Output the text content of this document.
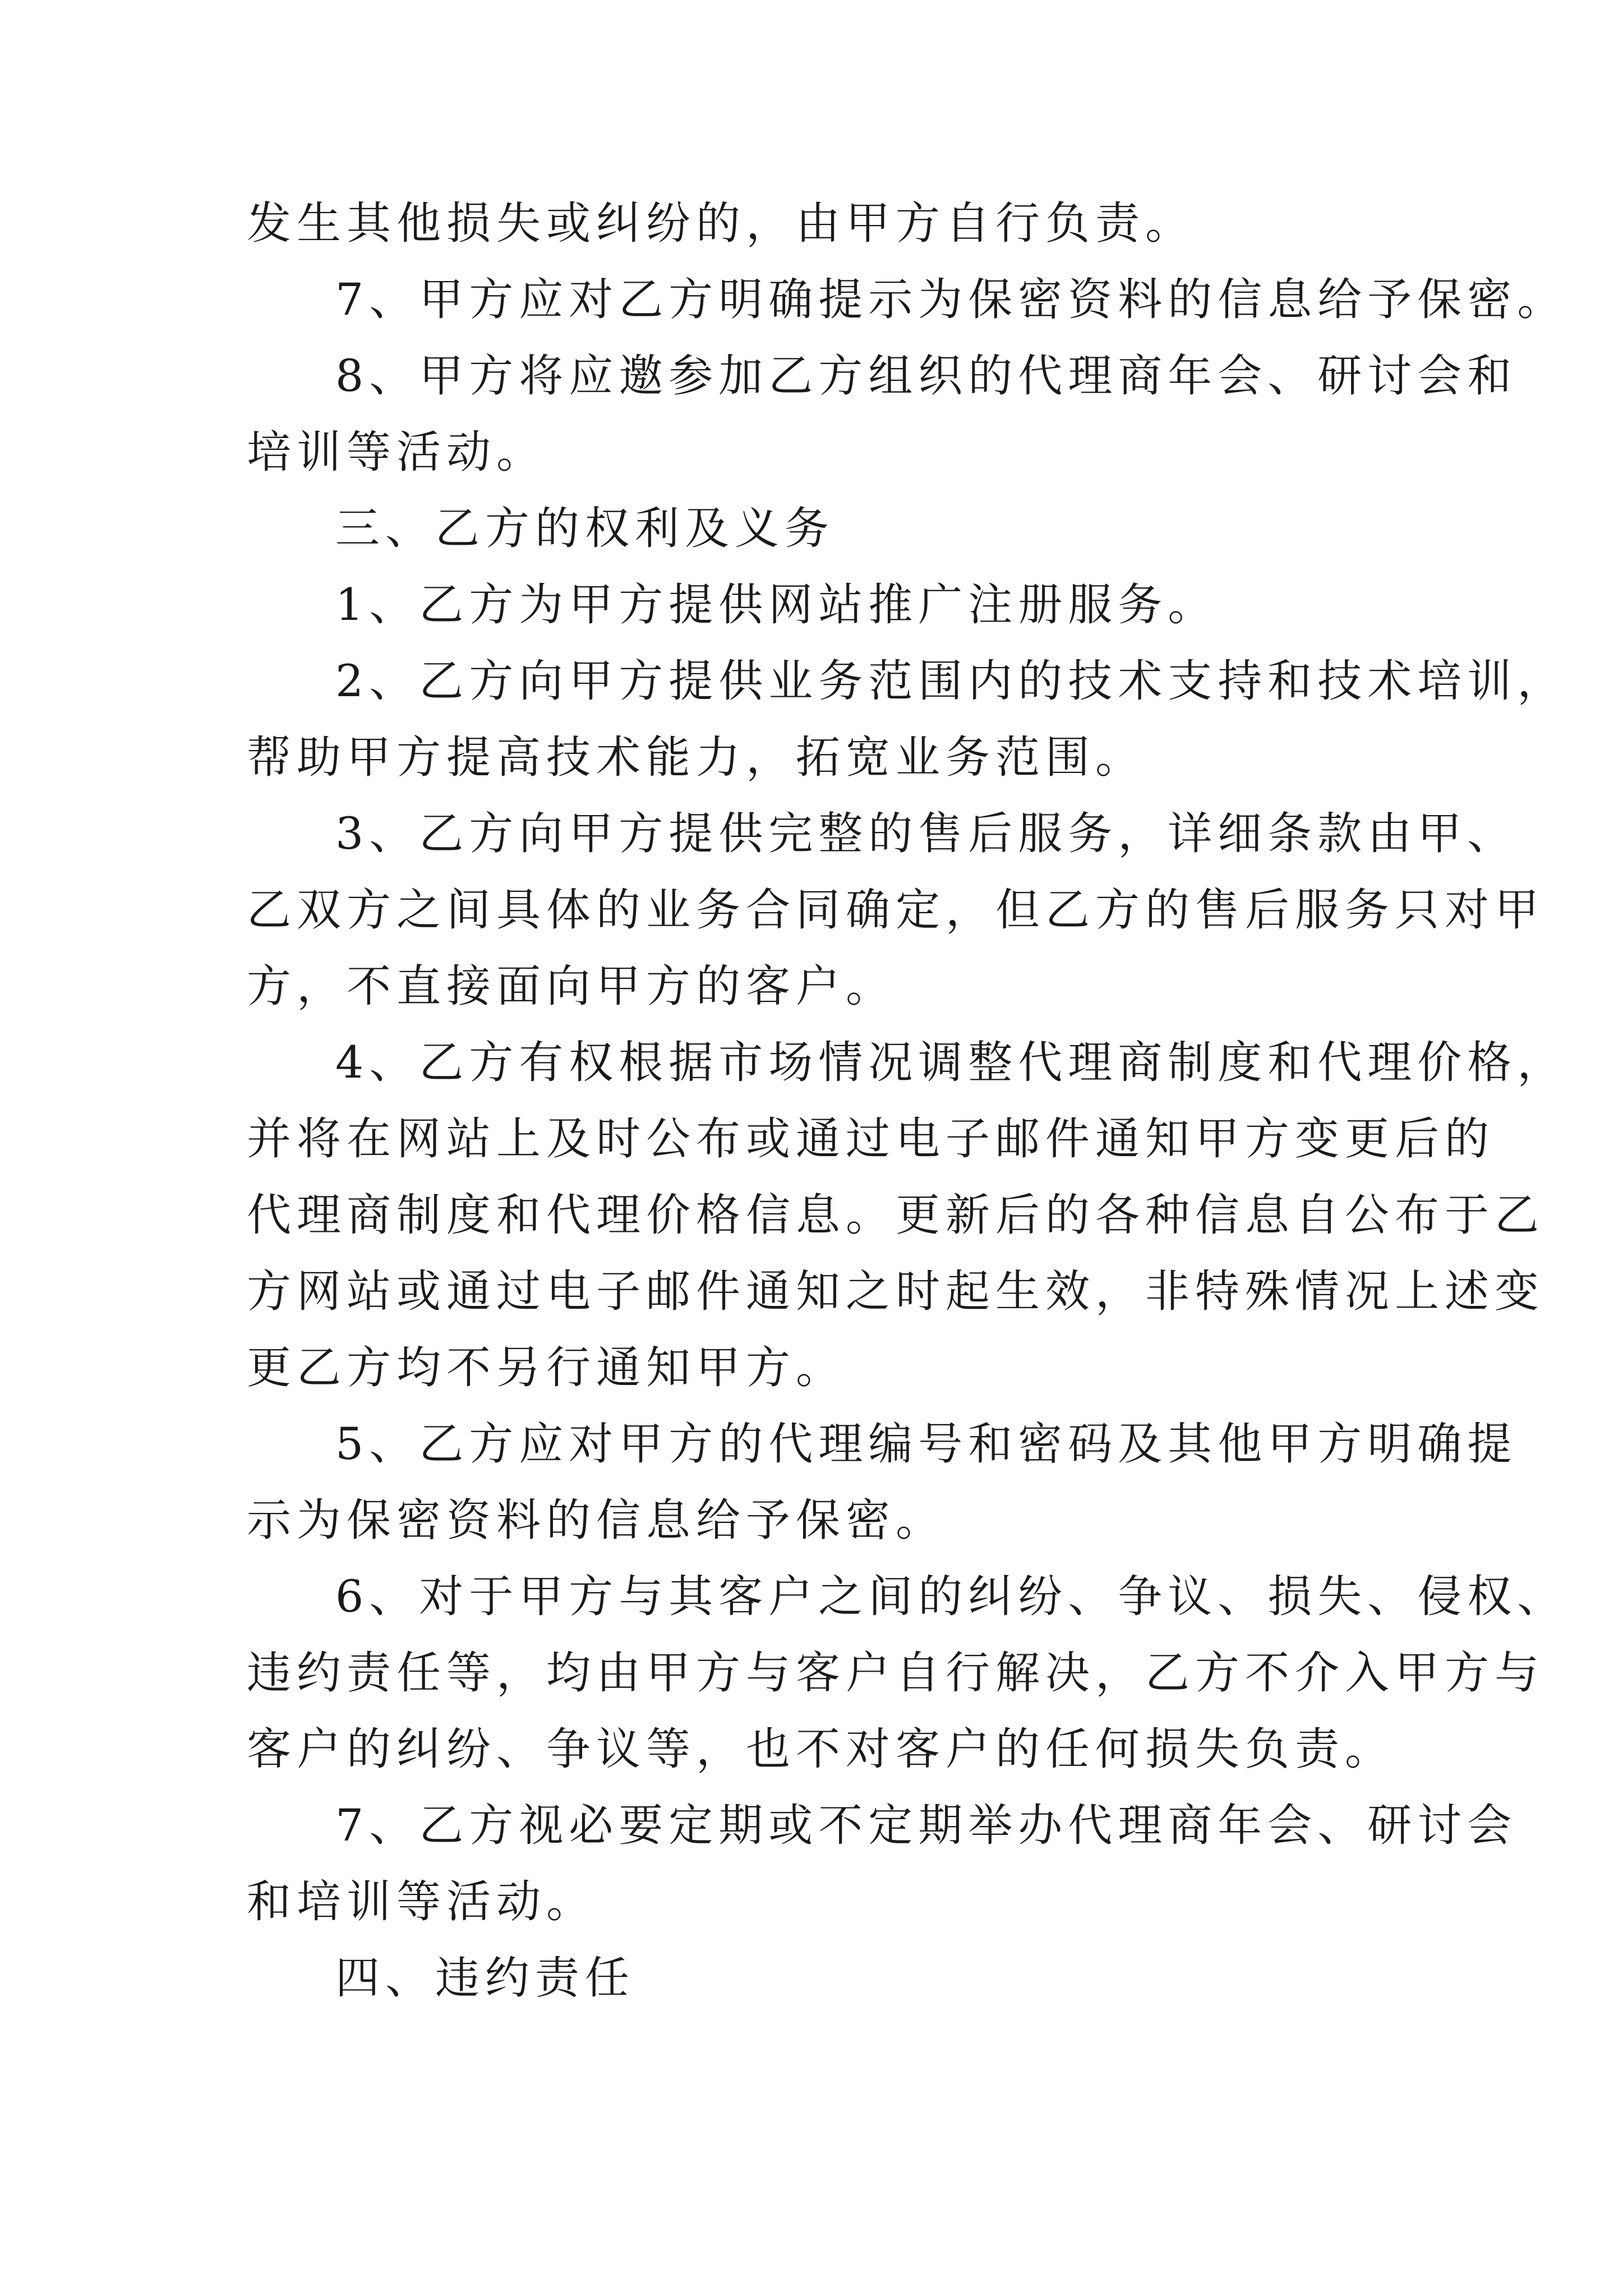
发生其他损失或纠纷的，由甲方自行负责。
7、甲方应对乙方明确提示为保密资料的信息给予保密。
8、甲方将应邀参加乙方组织的代理商年会、研讨会和
培训等活动。
三、乙方的权利及义务
1、乙方为甲方提供网站推广注册服务。
2、乙方向甲方提供业务范围内的技术支持和技术培训，
帮助甲方提高技术能力，拓宽业务范围。
3、乙方向甲方提供完整的售后服务，详细条款由甲、
乙双方之间具体的业务合同确定，但乙方的售后服务只对甲
方，不直接面向甲方的客户。
4、乙方有权根据市场情况调整代理商制度和代理价格，
并将在网站上及时公布或通过电子邮件通知甲方变更后的
代理商制度和代理价格信息。更新后的各种信息自公布于乙
方网站或通过电子邮件通知之时起生效，非特殊情况上述变
更乙方均不另行通知甲方。
5、乙方应对甲方的代理编号和密码及其他甲方明确提
示为保密资料的信息给予保密。
6、对于甲方与其客户之间的纠纷、争议、损失、侵权、
违约责任等，均由甲方与客户自行解决，乙方不介入甲方与
客户的纠纷、争议等，也不对客户的任何损失负责。
7、乙方视必要定期或不定期举办代理商年会、研讨会
和培训等活动。
四、违约责任
